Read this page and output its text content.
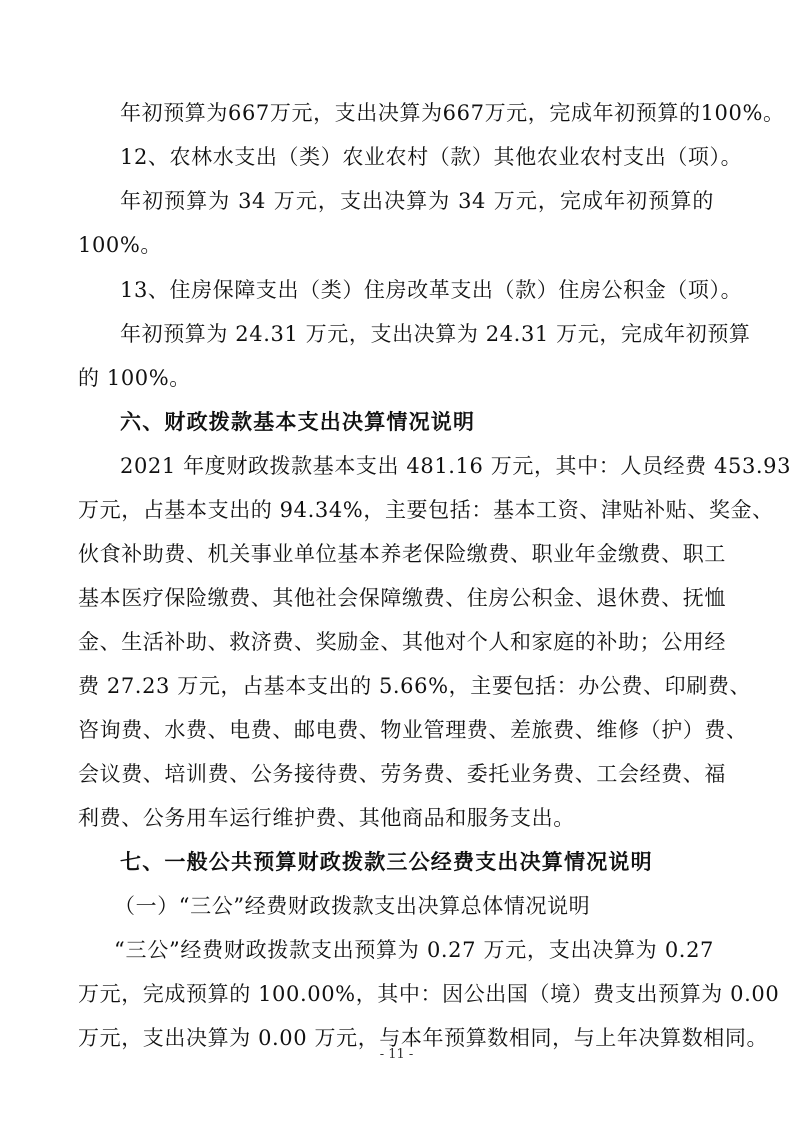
年初预算为667万元，支出决算为667万元，完成年初预算的100%。
12、农林水支出（类）农业农村（款）其他农业农村支出（项）。
年初预算为 34 万元，支出决算为 34 万元，完成年初预算的
100%。
13、住房保障支出（类）住房改革支出（款）住房公积金（项）。
年初预算为 24.31 万元，支出决算为 24.31 万元，完成年初预算
的 100%。
六、财政拨款基本支出决算情况说明
2021 年度财政拨款基本支出 481.16 万元，其中：人员经费 453.93
万元，占基本支出的 94.34%，主要包括：基本工资、津贴补贴、奖金、
伙食补助费、机关事业单位基本养老保险缴费、职业年金缴费、职工
基本医疗保险缴费、其他社会保障缴费、住房公积金、退休费、抚恤
金、生活补助、救济费、奖励金、其他对个人和家庭的补助；公用经
费 27.23 万元，占基本支出的 5.66%，主要包括：办公费、印刷费、
咨询费、水费、电费、邮电费、物业管理费、差旅费、维修（护）费、
会议费、培训费、公务接待费、劳务费、委托业务费、工会经费、福
利费、公务用车运行维护费、其他商品和服务支出。
七、一般公共预算财政拨款三公经费支出决算情况说明
（一）“三公”经费财政拨款支出决算总体情况说明
“三公”经费财政拨款支出预算为 0.27 万元，支出决算为 0.27
万元，完成预算的 100.00%，其中：因公出国（境）费支出预算为 0.00
万元，支出决算为 0.00 万元，与本年预算数相同，与上年决算数相同。
- 11 -
